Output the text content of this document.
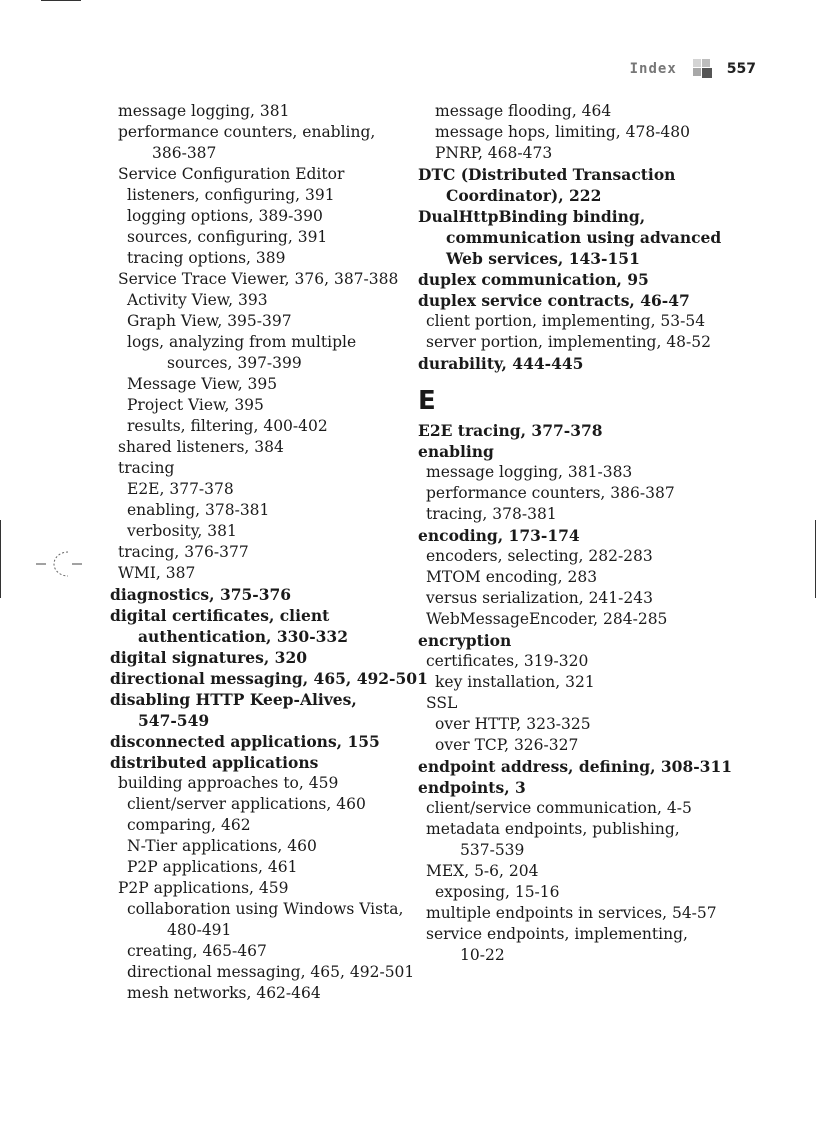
Index	557
message logging, 381
performance counters, enabling,
386-387
Service Configuration Editor
listeners, configuring, 391
logging options, 389-390
sources, configuring, 391
tracing options, 389
Service Trace Viewer, 376, 387-388
Activity View, 393
Graph View, 395-397
logs, analyzing from multiple
sources, 397-399
Message View, 395
Project View, 395
results, filtering, 400-402
shared listeners, 384
tracing
E2E, 377-378
enabling, 378-381
verbosity, 381
tracing, 376-377
WMI, 387
diagnostics, 375-376
digital certificates, client
authentication, 330-332
digital signatures, 320
directional messaging, 465, 492-501
disabling HTTP Keep-Alives,
547-549
disconnected applications, 155
distributed applications
building approaches to, 459
client/server applications, 460
comparing, 462
N-Tier applications, 460
P2P applications, 461
P2P applications, 459
collaboration using Windows Vista,
480-491
creating, 465-467
directional messaging, 465, 492-501
mesh networks, 462-464
message flooding, 464
message hops, limiting, 478-480
PNRP, 468-473
DTC (Distributed Transaction
Coordinator), 222
DualHttpBinding binding,
communication using advanced
Web services, 143-151
duplex communication, 95
duplex service contracts, 46-47
client portion, implementing, 53-54
server portion, implementing, 48-52
durability, 444-445
E
E2E tracing, 377-378
enabling
message logging, 381-383
performance counters, 386-387
tracing, 378-381
encoding, 173-174
encoders, selecting, 282-283
MTOM encoding, 283
versus serialization, 241-243
WebMessageEncoder, 284-285
encryption
certificates, 319-320
key installation, 321
SSL
over HTTP, 323-325
over TCP, 326-327
endpoint address, defining, 308-311
endpoints, 3
client/service communication, 4-5
metadata endpoints, publishing,
537-539
MEX, 5-6, 204
exposing, 15-16
multiple endpoints in services, 54-57
service endpoints, implementing,
10-22
